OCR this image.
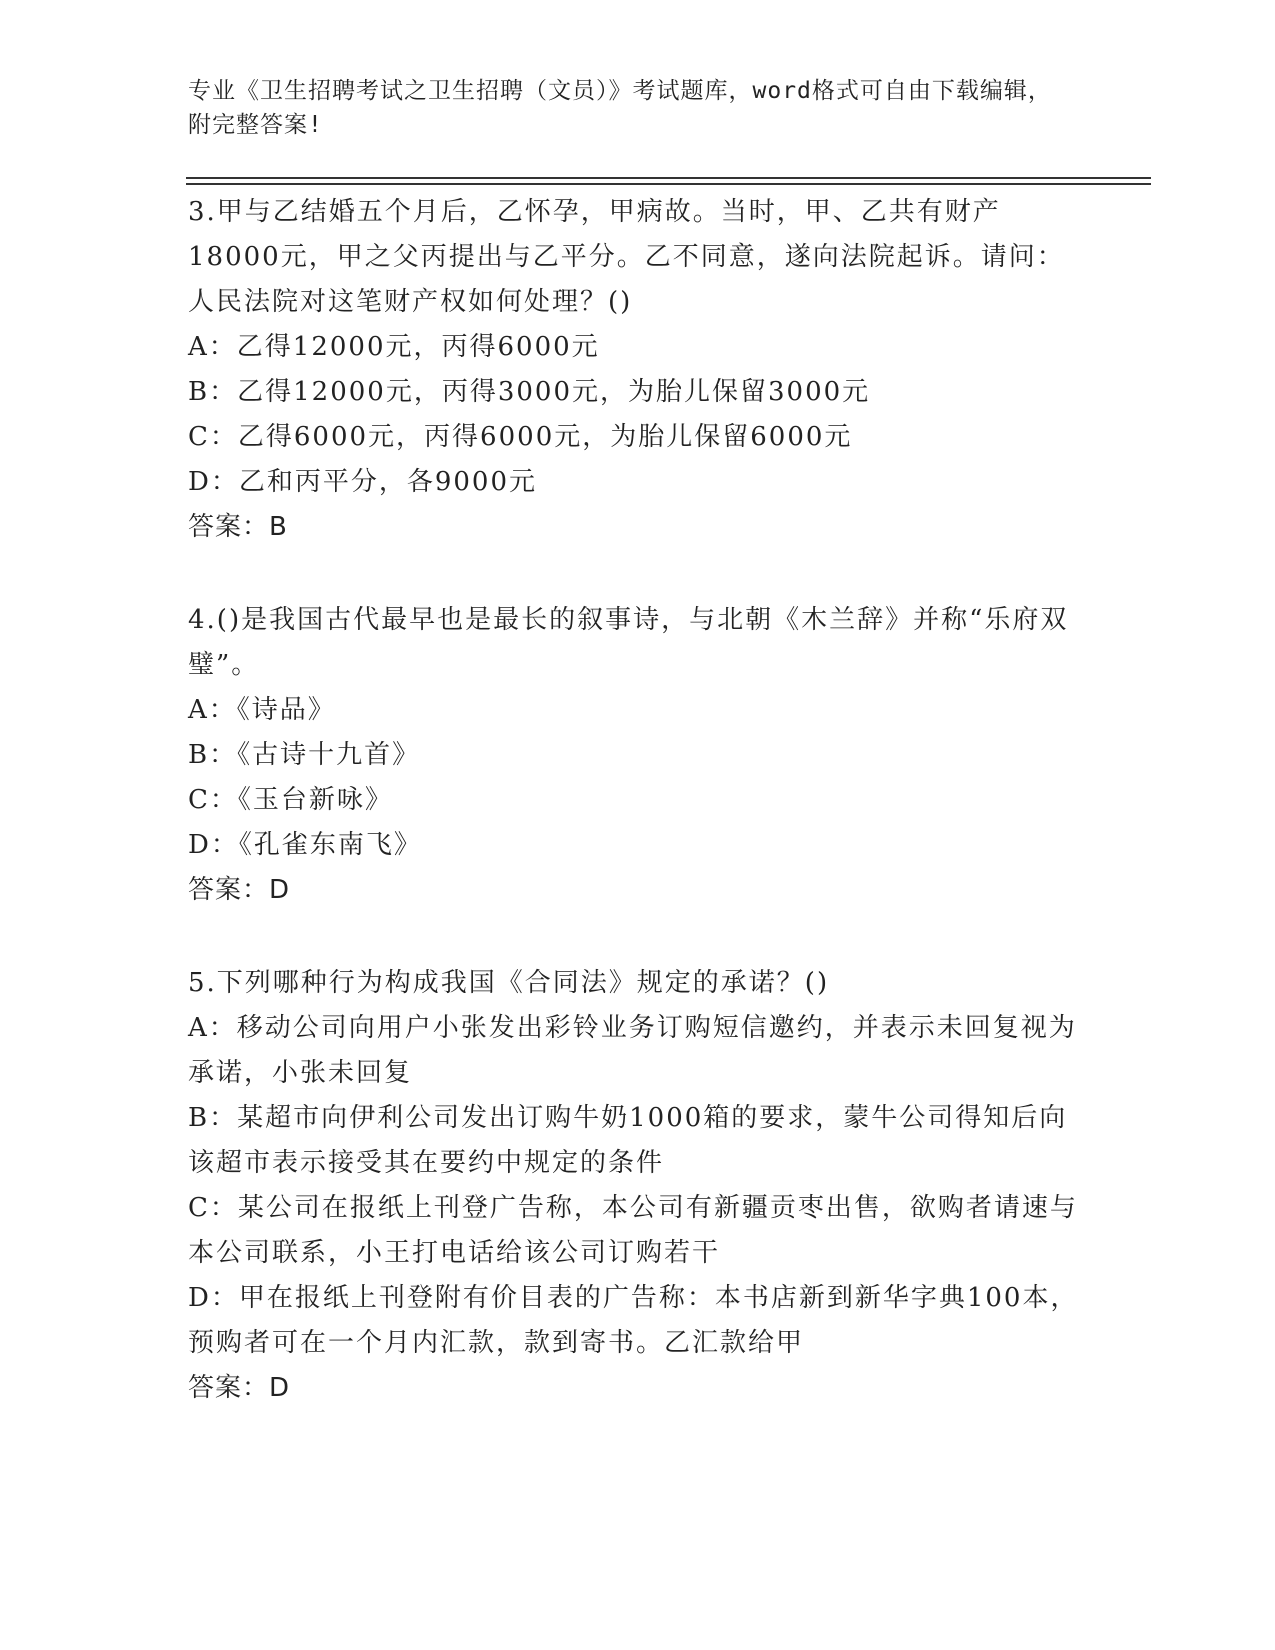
专业《卫生招聘考试之卫生招聘（文员）》考试题库，word格式可自由下载编辑，附完整答案!

3.甲与乙结婚五个月后，乙怀孕，甲病故。当时，甲、乙共有财产18000元，甲之父丙提出与乙平分。乙不同意，遂向法院起诉。请问：人民法院对这笔财产权如何处理？()

A：乙得12000元，丙得6000元

B：乙得12000元，丙得3000元，为胎儿保留3000元

C：乙得6000元，丙得6000元，为胎儿保留6000元

D：乙和丙平分，各9000元

答案：B

4.()是我国古代最早也是最长的叙事诗，与北朝《木兰辞》并称“乐府双璧”。

A：《诗品》

B：《古诗十九首》

C：《玉台新咏》

D：《孔雀东南飞》

答案：D

5.下列哪种行为构成我国《合同法》规定的承诺？()

A：移动公司向用户小张发出彩铃业务订购短信邀约，并表示未回复视为承诺，小张未回复

B：某超市向伊利公司发出订购牛奶1000箱的要求，蒙牛公司得知后向该超市表示接受其在要约中规定的条件

C：某公司在报纸上刊登广告称，本公司有新疆贡枣出售，欲购者请速与本公司联系，小王打电话给该公司订购若干

D：甲在报纸上刊登附有价目表的广告称：本书店新到新华字典100本，预购者可在一个月内汇款，款到寄书。乙汇款给甲

答案：D
